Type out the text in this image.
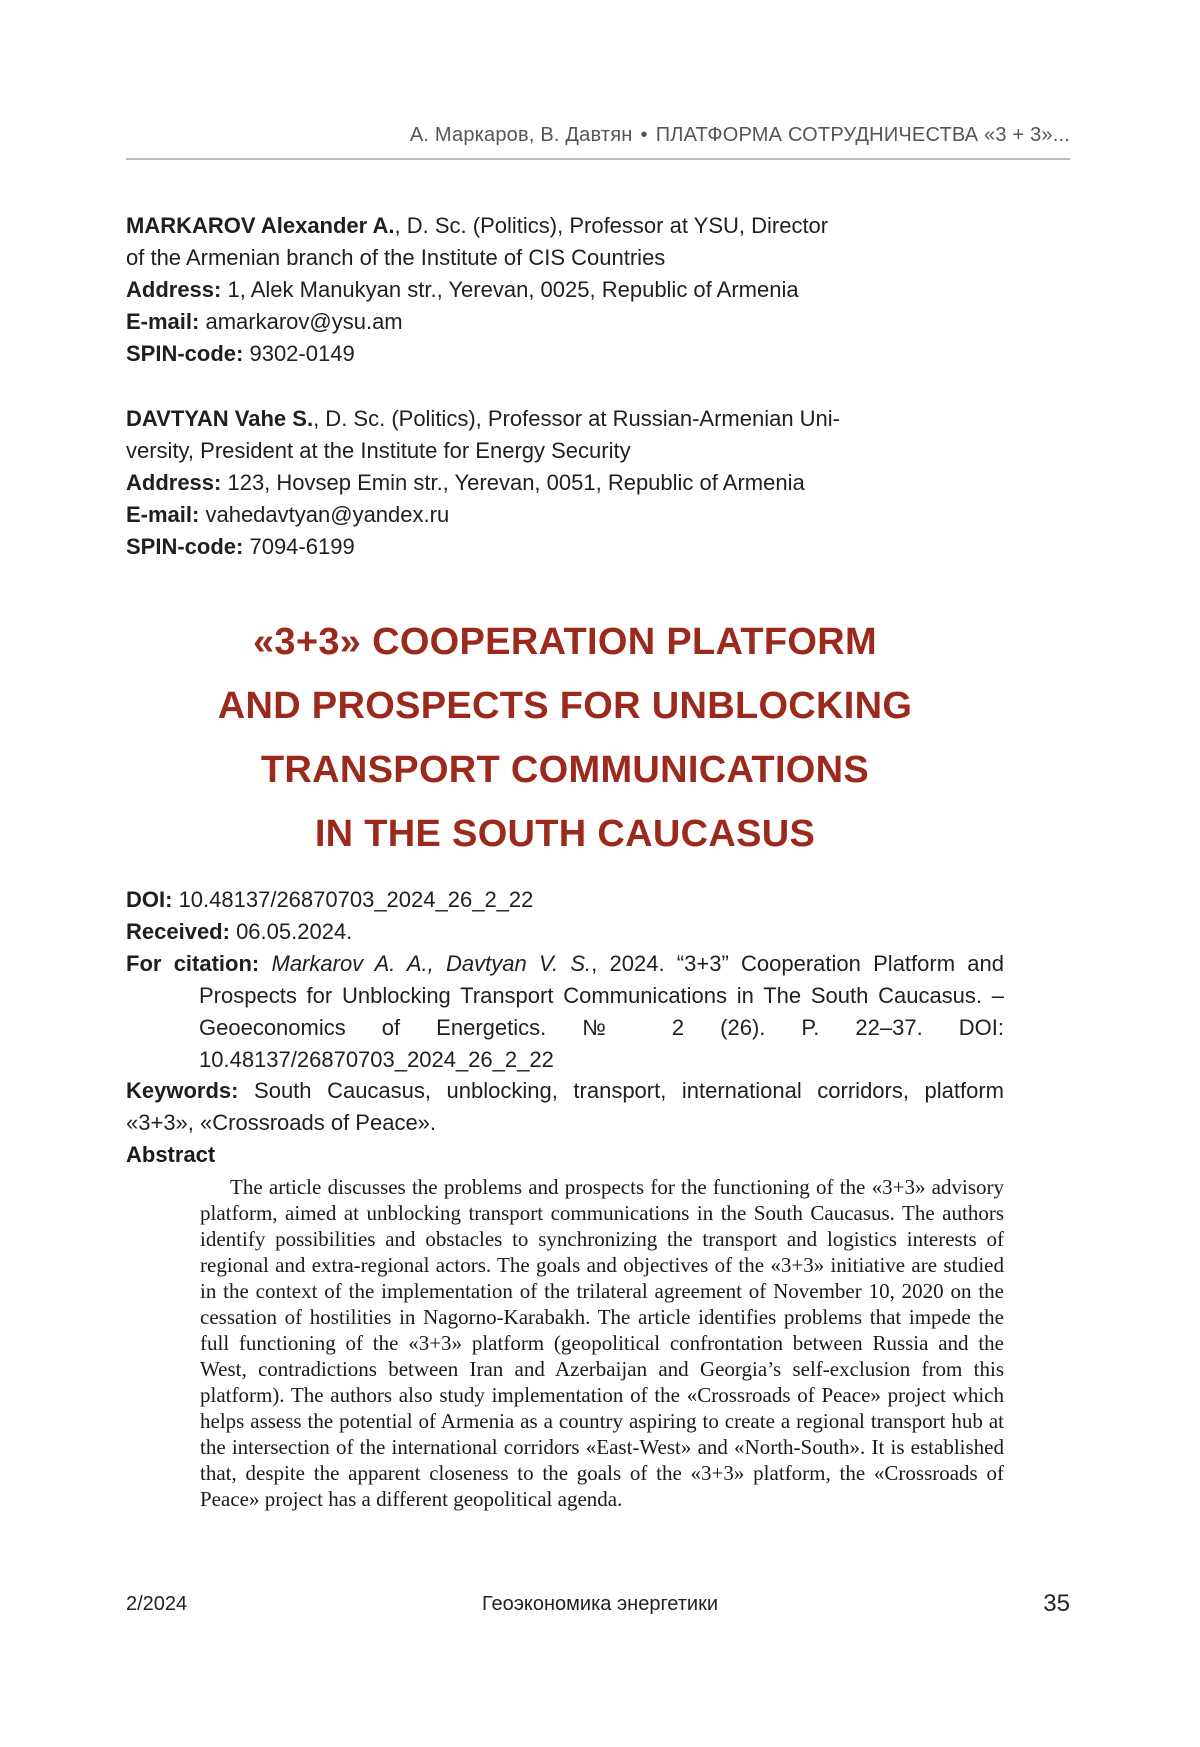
А. Маркаров, В. Давтян • ПЛАТФОРМА СОТРУДНИЧЕСТВА «3 + 3»...

MARKAROV Alexander A., D. Sc. (Politics), Professor at YSU, Director

of the Armenian branch of the Institute of CIS Countries

Address: 1, Alek Manukyan str., Yerevan, 0025, Republic of Armenia

E-mail: amarkarov@ysu.am

SPIN-code: 9302-0149

DAVTYAN Vahe S., D. Sc. (Politics), Professor at Russian-Armenian Uni-

versity, President at the Institute for Energy Security

Address: 123, Hovsep Emin str., Yerevan, 0051, Republic of Armenia

E-mail: vahedavtyan@yandex.ru

SPIN-code: 7094-6199

«3+3» COOPERATION PLATFORM
AND PROSPECTS FOR UNBLOCKING
TRANSPORT COMMUNICATIONS
IN THE SOUTH CAUCASUS

DOI: 10.48137/26870703_2024_26_2_22

Received: 06.05.2024.

For citation: Markarov A. A., Davtyan V. S., 2024. “3+3” Cooperation Platform and Prospects for Unblocking Transport Communications in The South Caucasus. – Geoeconomics of Energetics. № 2 (26). P. 22–37. DOI: 10.48137/26870703_2024_26_2_22

Keywords: South Caucasus, unblocking, transport, international corridors, platform «3+3», «Crossroads of Peace».
Abstract
The article discusses the problems and prospects for the functioning of the «3+3» advisory platform, aimed at unblocking transport communications in the South Caucasus. The authors identify possibilities and obstacles to synchronizing the transport and logistics interests of regional and extra-regional actors. The goals and objectives of the «3+3» initiative are studied in the context of the implementation of the trilateral agreement of November 10, 2020 on the cessation of hostilities in Nagorno-Karabakh. The article identifies problems that impede the full functioning of the «3+3» platform (geopolitical confrontation between Russia and the West, contradictions between Iran and Azerbaijan and Georgia’s self-exclusion from this platform). The authors also study implementation of the «Crossroads of Peace» project which helps assess the potential of Armenia as a country aspiring to create a regional transport hub at the intersection of the international corridors «East-West» and «North-South». It is established that, despite the apparent closeness to the goals of the «3+3» platform, the «Crossroads of Peace» project has a different geopolitical agenda.
2/2024	Геоэкономика энергетики	35
